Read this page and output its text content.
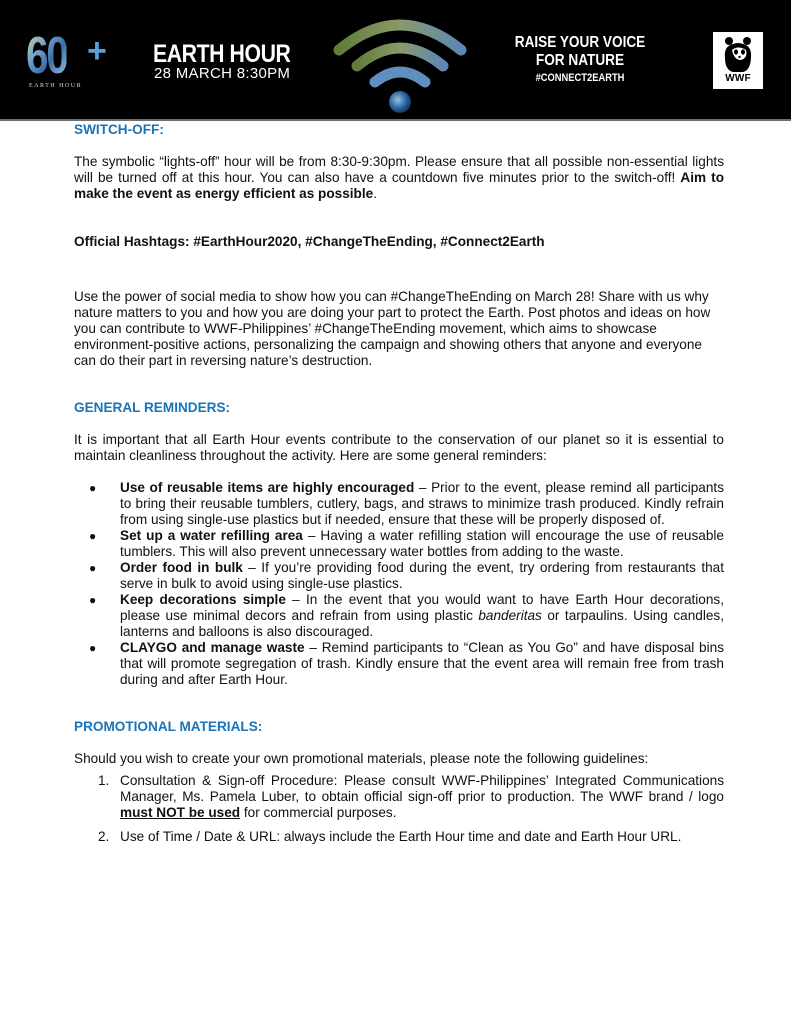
60 +
EARTH HOUR
EARTH HOUR
28 MARCH 8:30PM
RAISE YOUR VOICE
FOR NATURE
#CONNECT2EARTH	WWF
SWITCH-OFF:

The symbolic “lights-off” hour will be from 8:30-9:30pm. Please ensure that all possible non-essential lights will be turned off at this hour. You can also have a countdown five minutes prior to the switch-off! Aim to make the event as energy efficient as possible.

Official Hashtags: #EarthHour2020, #ChangeTheEnding, #Connect2Earth

Use the power of social media to show how you can #ChangeTheEnding on March 28! Share with us why nature matters to you and how you are doing your part to protect the Earth. Post photos and ideas on how you can contribute to WWF-Philippines’ #ChangeTheEnding movement, which aims to showcase environment-positive actions, personalizing the campaign and showing others that anyone and everyone can do their part in reversing nature’s destruction.

GENERAL REMINDERS:

It is important that all Earth Hour events contribute to the conservation of our planet so it is essential to maintain cleanliness throughout the activity. Here are some general reminders:

● Use of reusable items are highly encouraged – Prior to the event, please remind all participants to bring their reusable tumblers, cutlery, bags, and straws to minimize trash produced. Kindly refrain from using single-use plastics but if needed, ensure that these will be properly disposed of.
● Set up a water refilling area – Having a water refilling station will encourage the use of reusable tumblers. This will also prevent unnecessary water bottles from adding to the waste.
● Order food in bulk – If you’re providing food during the event, try ordering from restaurants that serve in bulk to avoid using single-use plastics.
● Keep decorations simple – In the event that you would want to have Earth Hour decorations, please use minimal decors and refrain from using plastic banderitas or tarpaulins. Using candles, lanterns and balloons is also discouraged.
● CLAYGO and manage waste – Remind participants to “Clean as You Go” and have disposal bins that will promote segregation of trash. Kindly ensure that the event area will remain free from trash during and after Earth Hour.
PROMOTIONAL MATERIALS:

Should you wish to create your own promotional materials, please note the following guidelines:

1. Consultation & Sign-off Procedure: Please consult WWF-Philippines’ Integrated Communications Manager, Ms. Pamela Luber, to obtain official sign-off prior to production. The WWF brand / logo must NOT be used for commercial purposes.
2. Use of Time / Date & URL: always include the Earth Hour time and date and Earth Hour URL.
